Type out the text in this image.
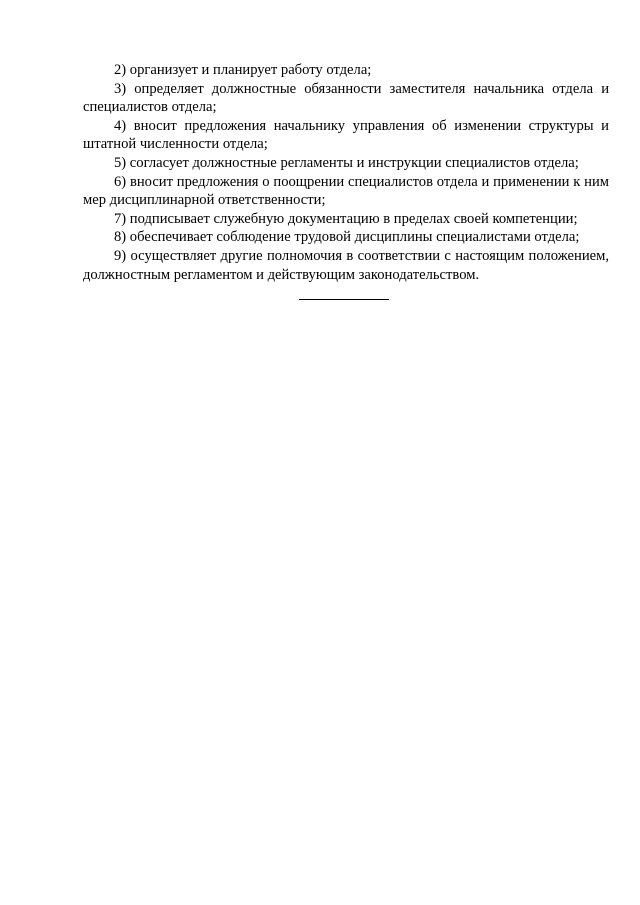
2) организует и планирует работу отдела;

3) определяет должностные обязанности заместителя начальника отдела и специалистов отдела;

4) вносит предложения начальнику управления об изменении структуры и штатной численности отдела;

5) согласует должностные регламенты и инструкции специалистов отдела;

6) вносит предложения о поощрении специалистов отдела и применении к ним мер дисциплинарной ответственности;

7) подписывает служебную документацию в пределах своей компетенции;

8) обеспечивает соблюдение трудовой дисциплины специалистами отдела;

9) осуществляет другие полномочия в соответствии с настоящим положением, должностным регламентом и действующим законодательством.
